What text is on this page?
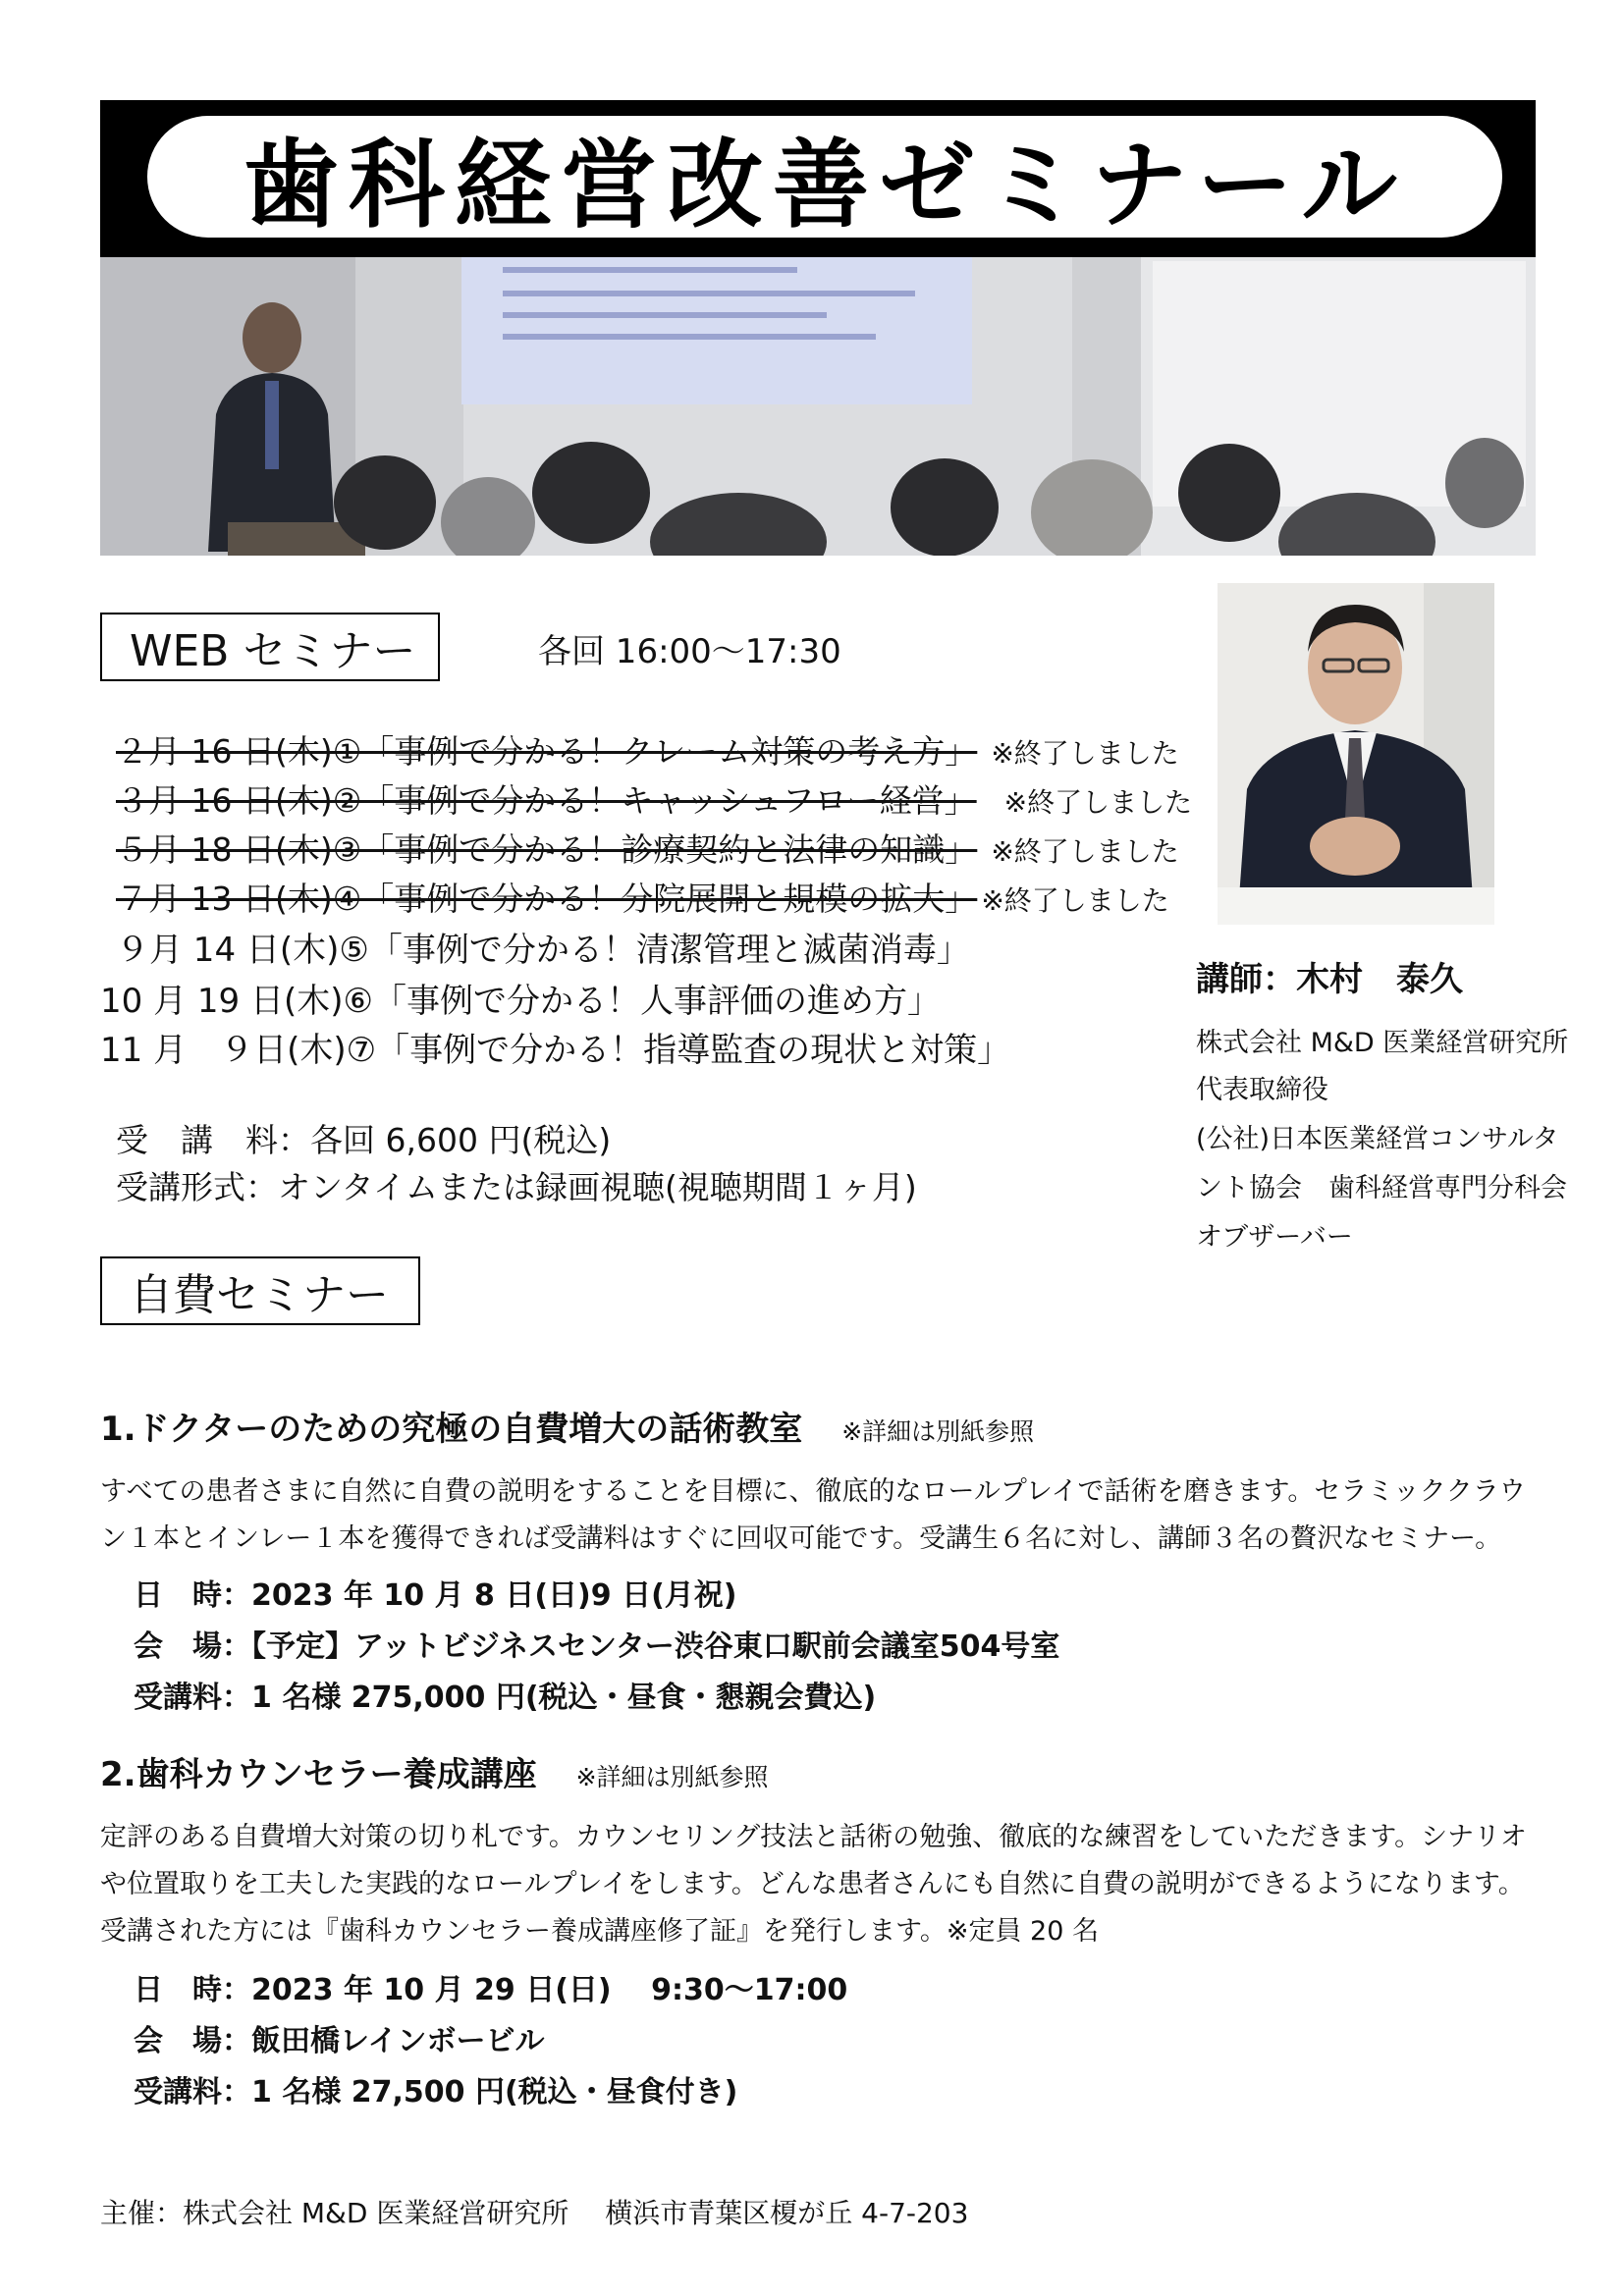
歯科経営改善ゼミナール
WEB セミナー	各回 16:00～17:30
２月 16 日(木)①「事例で分かる！クレーム対策の考え方」 ※終了しました
３月 16 日(木)②「事例で分かる！キャッシュフロー経営」 ※終了しました
５月 18 日(木)③「事例で分かる！診療契約と法律の知識」 ※終了しました
７月 13 日(木)④「事例で分かる！分院展開と規模の拡大」 ※終了しました
９月 14 日(木)⑤「事例で分かる！清潔管理と滅菌消毒」
10 月 19 日(木)⑥「事例で分かる！人事評価の進め方」
11 月　９日(木)⑦「事例で分かる！指導監査の現状と対策」
受　講　料：各回 6,600 円(税込)
受講形式：オンタイムまたは録画視聴(視聴期間１ヶ月)
講師：木村　泰久
株式会社 M&D 医業経営研究所
代表取締役
(公社)日本医業経営コンサルタ
ント協会　歯科経営専門分科会
オブザーバー
自費セミナー
1.ドクターのための究極の自費増大の話術教室 ※詳細は別紙参照
すべての患者さまに自然に自費の説明をすることを目標に、徹底的なロールプレイで話術を磨きます。セラミッククラウン１本とインレー１本を獲得できれば受講料はすぐに回収可能です。受講生６名に対し、講師３名の贅沢なセミナー。
日　時：2023 年 10 月 8 日(日)9 日(月祝)
会　場：【予定】アットビジネスセンター渋谷東口駅前会議室504号室
受講料：1 名様 275,000 円(税込・昼食・懇親会費込)
2.歯科カウンセラー養成講座 ※詳細は別紙参照
定評のある自費増大対策の切り札です。カウンセリング技法と話術の勉強、徹底的な練習をしていただきます。シナリオや位置取りを工夫した実践的なロールプレイをします。どんな患者さんにも自然に自費の説明ができるようになります。受講された方には『歯科カウンセラー養成講座修了証』を発行します。※定員 20 名
日　時：2023 年 10 月 29 日(日)　 9:30～17:00
会　場：飯田橋レインボービル
受講料：1 名様 27,500 円(税込・昼食付き)
主催：株式会社 M&D 医業経営研究所　 横浜市青葉区榎が丘 4-7-203
